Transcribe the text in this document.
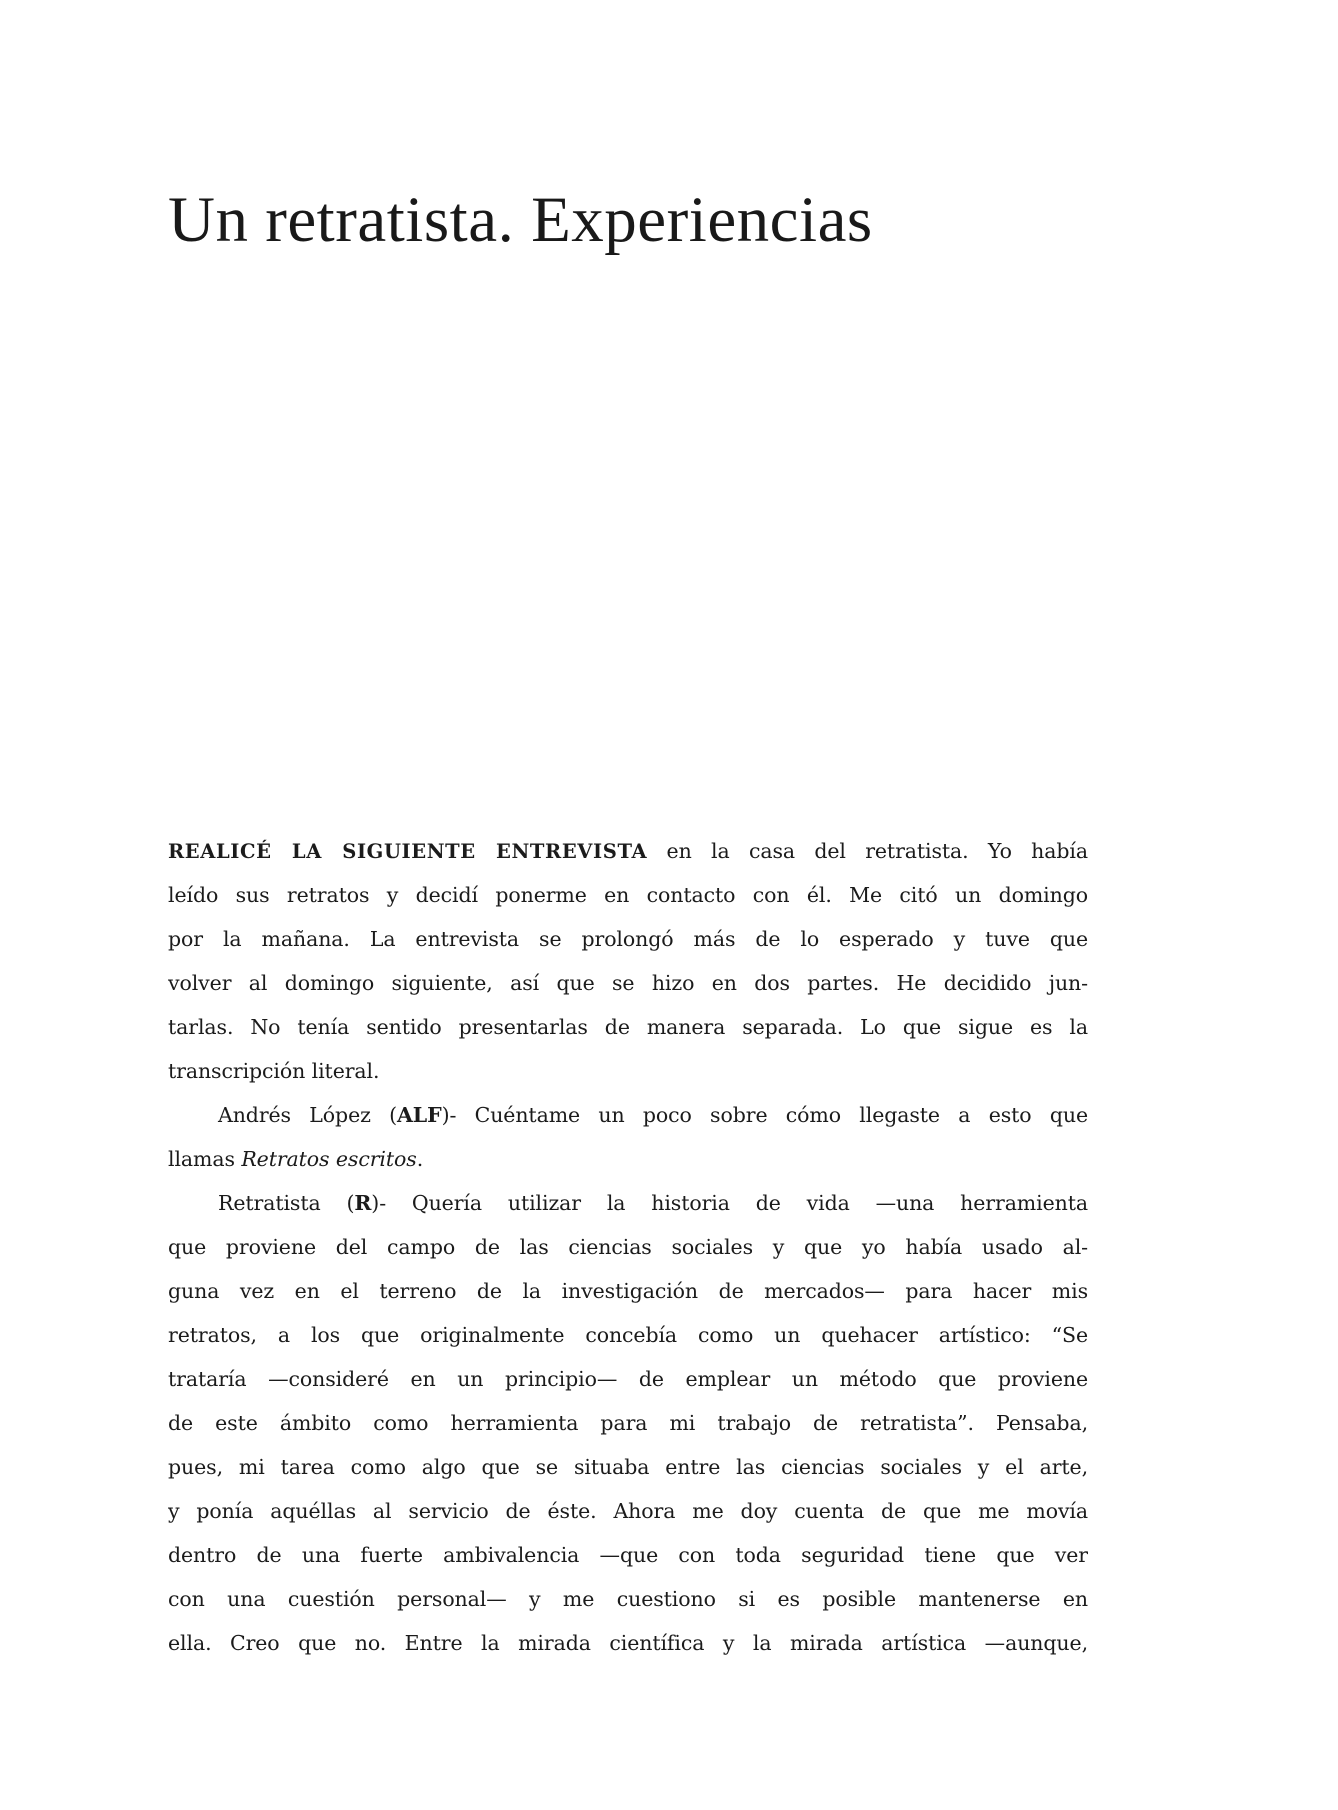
Un retratista. Experiencias
REALICÉ LA SIGUIENTE ENTREVISTA en la casa del retratista. Yo había
leído sus retratos y decidí ponerme en contacto con él. Me citó un domingo
por la mañana. La entrevista se prolongó más de lo esperado y tuve que
volver al domingo siguiente, así que se hizo en dos partes. He decidido jun-
tarlas. No tenía sentido presentarlas de manera separada. Lo que sigue es la
transcripción literal.
Andrés López (ALF)- Cuéntame un poco sobre cómo llegaste a esto que
llamas Retratos escritos.
Retratista (R)- Quería utilizar la historia de vida —una herramienta
que proviene del campo de las ciencias sociales y que yo había usado al-
guna vez en el terreno de la investigación de mercados— para hacer mis
retratos, a los que originalmente concebía como un quehacer artístico: “Se
trataría —consideré en un principio— de emplear un método que proviene
de este ámbito como herramienta para mi trabajo de retratista”. Pensaba,
pues, mi tarea como algo que se situaba entre las ciencias sociales y el arte,
y ponía aquéllas al servicio de éste. Ahora me doy cuenta de que me movía
dentro de una fuerte ambivalencia —que con toda seguridad tiene que ver
con una cuestión personal— y me cuestiono si es posible mantenerse en
ella. Creo que no. Entre la mirada científica y la mirada artística —aunque,
